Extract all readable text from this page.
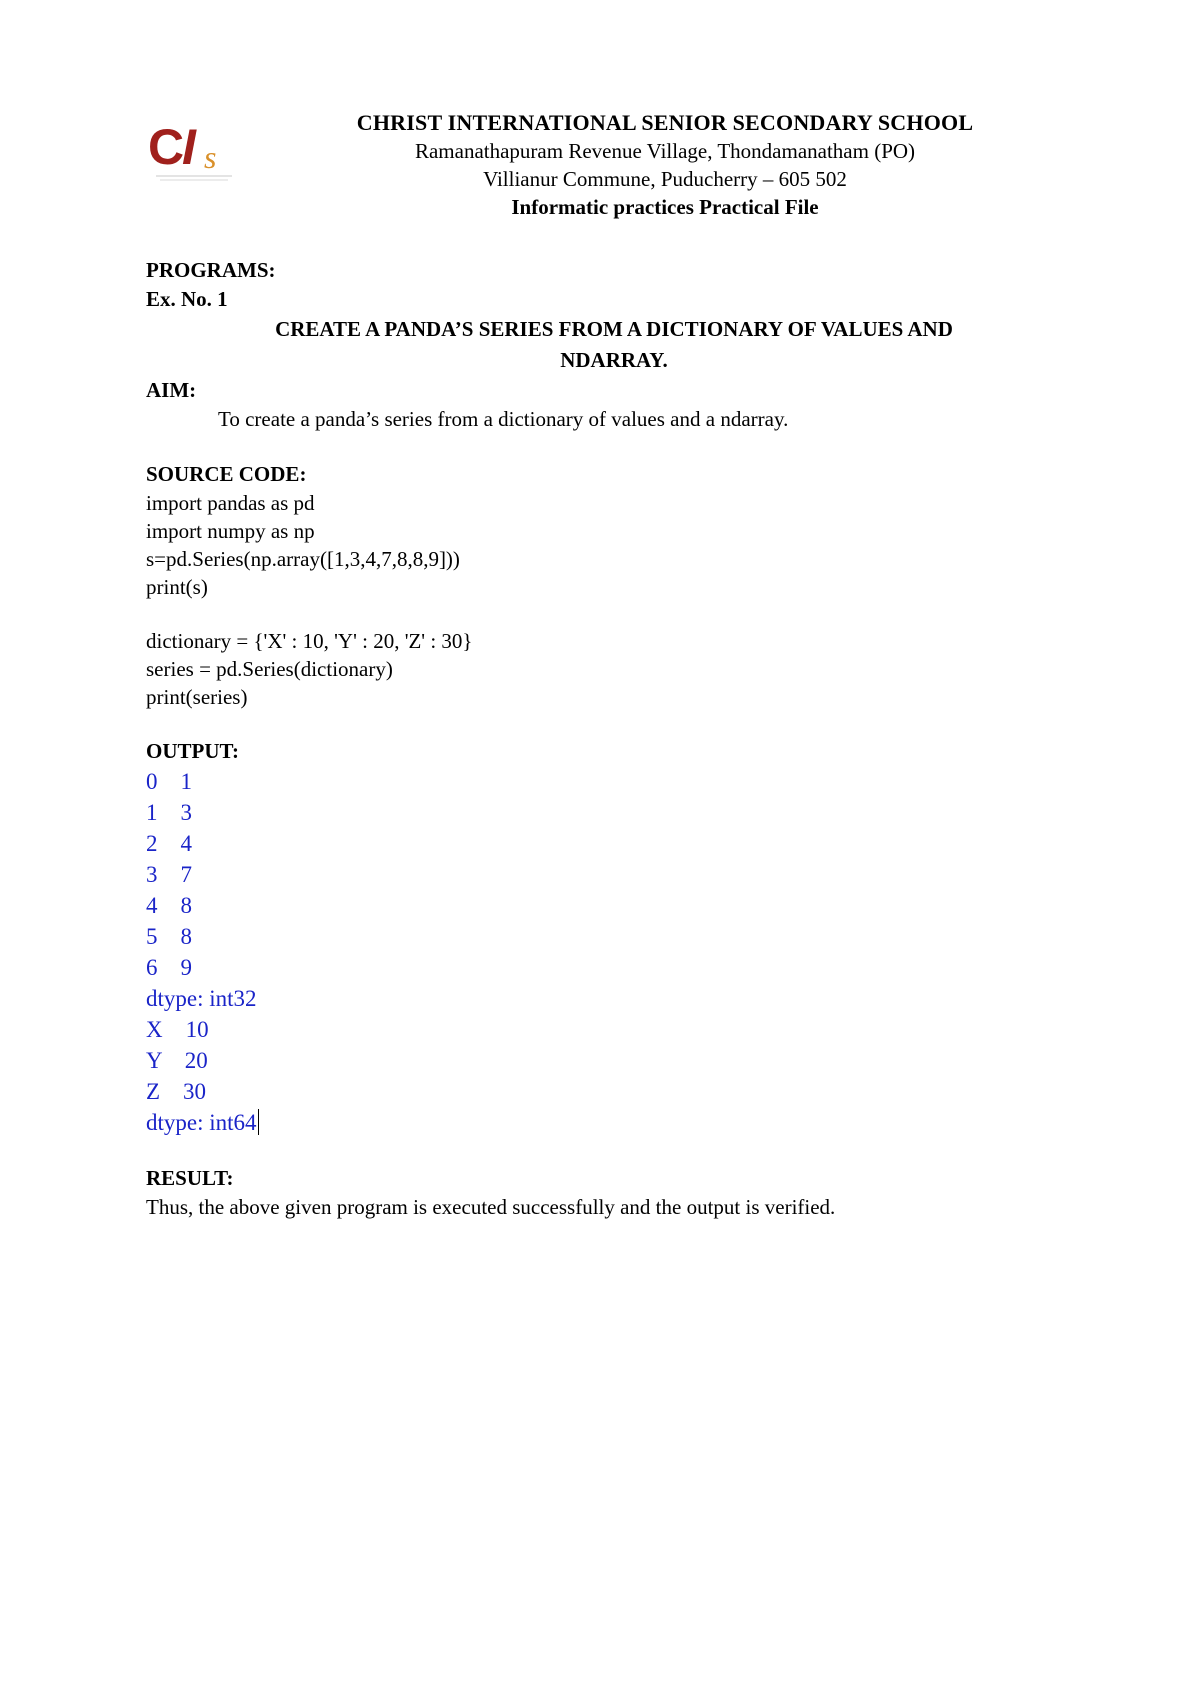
C
I s
CHRIST INTERNATIONAL SENIOR SECONDARY SCHOOL
Ramanathapuram Revenue Village, Thondamanatham (PO)
Villianur Commune, Puducherry – 605 502
Informatic practices Practical File
PROGRAMS:
Ex. No. 1
CREATE A PANDA’S SERIES FROM A DICTIONARY OF VALUES AND
NDARRAY.
AIM:
To create a panda’s series from a dictionary of values and a ndarray.
SOURCE CODE:
import pandas as pd
import numpy as np
s=pd.Series(np.array([1,3,4,7,8,8,9]))
print(s)
dictionary = {'X' : 10, 'Y' : 20, 'Z' : 30}
series = pd.Series(dictionary)
print(series)
OUTPUT:
0    1
1    3
2    4
3    7
4    8
5    8
6    9
dtype: int32
X    10
Y    20
Z    30
dtype: int64
RESULT:
Thus, the above given program is executed successfully and the output is verified.
